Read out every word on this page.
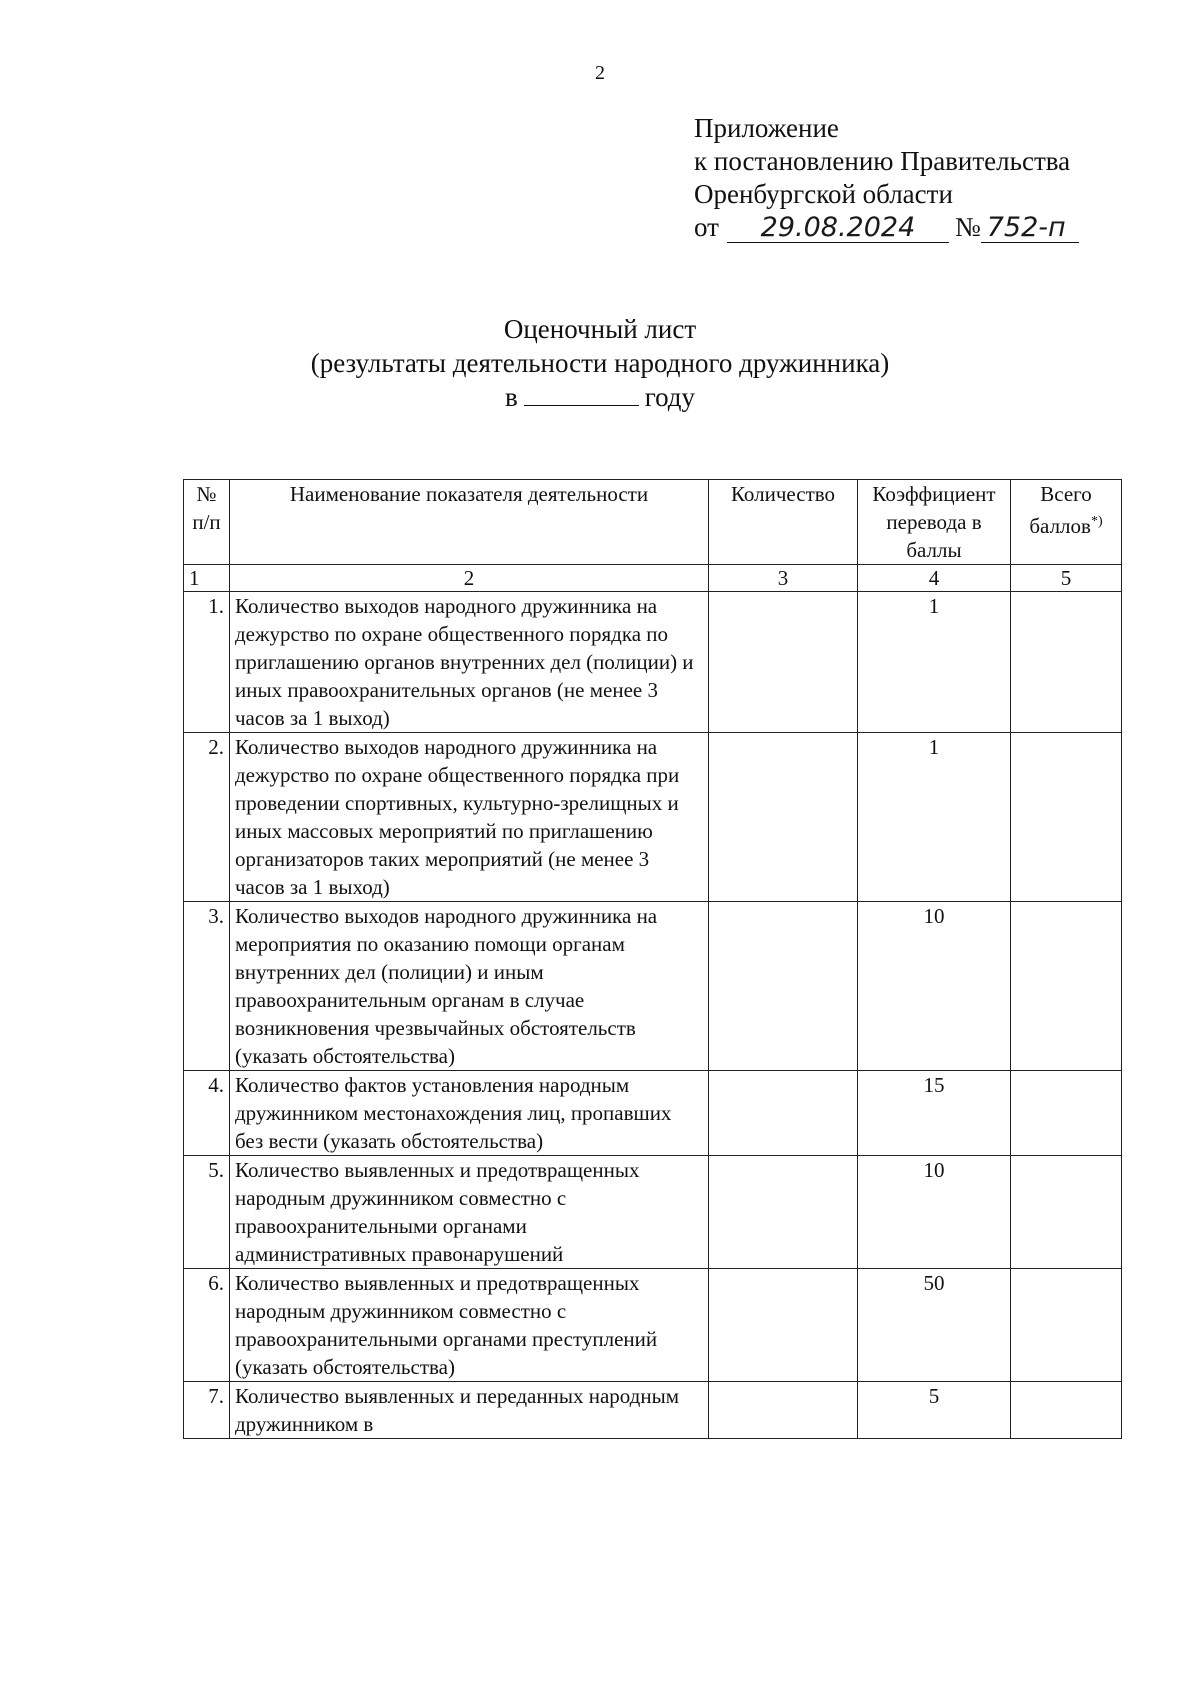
2
Приложение
к постановлению Правительства
Оренбургской области
от 29.08.2024 № 752-п
Оценочный лист
(результаты деятельности народного дружинника)
в	году
№ п/п	Наименование показателя деятельности	Количество	Коэффициент перевода в баллы	Всего баллов*)
1	2	3	4	5
1.	Количество выходов народного дружинника на дежурство по охране общественного порядка по приглашению органов внутренних дел (полиции) и иных правоохранительных органов (не менее 3 часов за 1 выход)		1	
2.	Количество выходов народного дружинника на дежурство по охране общественного порядка при проведении спортивных, культурно-зрелищных и иных массовых мероприятий по приглашению организаторов таких мероприятий (не менее 3 часов за 1 выход)		1	
3.	Количество выходов народного дружинника на мероприятия по оказанию помощи органам внутренних дел (полиции) и иным правоохранительным органам в случае возникновения чрезвычайных обстоятельств (указать обстоятельства)		10	
4.	Количество фактов установления народным дружинником местонахождения лиц, пропавших без вести (указать обстоятельства)		15	
5.	Количество выявленных и предотвращенных народным дружинником совместно с правоохранительными органами административных правонарушений		10	
6.	Количество выявленных и предотвращенных народным дружинником совместно с правоохранительными органами преступлений (указать обстоятельства)		50	
7.	Количество выявленных и переданных народным дружинником в		5	
